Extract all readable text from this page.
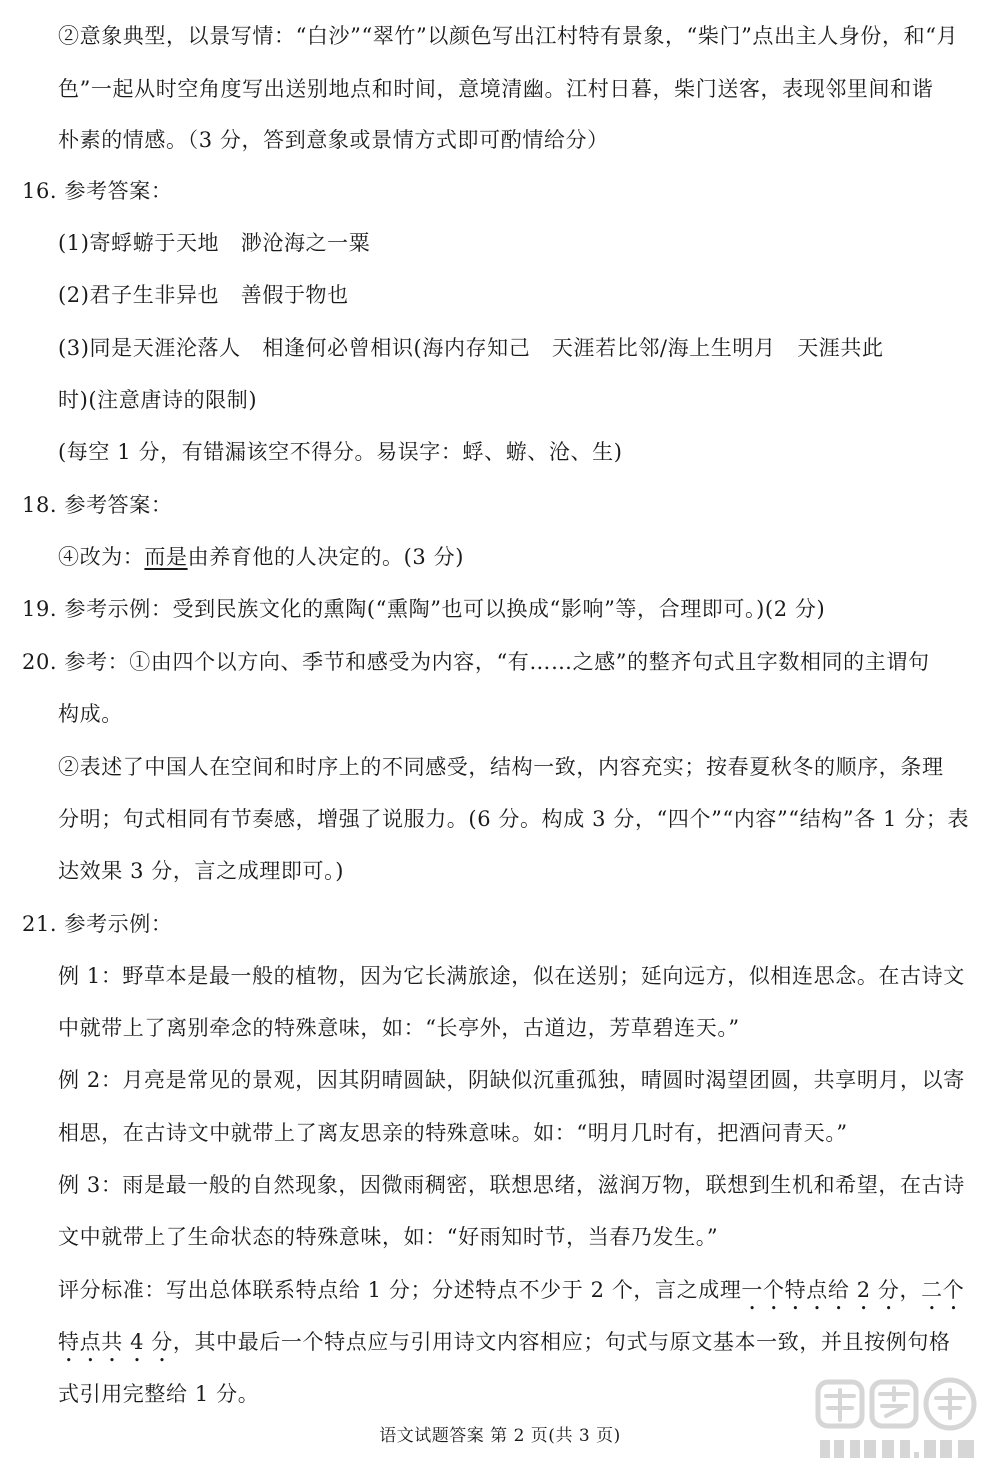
②意象典型，以景写情：“白沙”“翠竹”以颜色写出江村特有景象，“柴门”点出主人身份，和“月
色”一起从时空角度写出送别地点和时间，意境清幽。江村日暮，柴门送客，表现邻里间和谐
朴素的情感。（3 分，答到意象或景情方式即可酌情给分）
16. 参考答案：
(1)寄蜉蝣于天地　渺沧海之一粟
(2)君子生非异也　善假于物也
(3)同是天涯沦落人　相逢何必曾相识(海内存知己　天涯若比邻/海上生明月　天涯共此
时)(注意唐诗的限制)
(每空 1 分，有错漏该空不得分。易误字：蜉、蝣、沧、生)
18. 参考答案：
④改为：而是由养育他的人决定的。(3 分)
19. 参考示例：受到民族文化的熏陶(“熏陶”也可以换成“影响”等，合理即可。)(2 分)
20. 参考：①由四个以方向、季节和感受为内容，“有……之感”的整齐句式且字数相同的主谓句
构成。
②表述了中国人在空间和时序上的不同感受，结构一致，内容充实；按春夏秋冬的顺序，条理
分明；句式相同有节奏感，增强了说服力。(6 分。构成 3 分，“四个”“内容”“结构”各 1 分；表
达效果 3 分，言之成理即可。)
21. 参考示例：
例 1：野草本是最一般的植物，因为它长满旅途，似在送别；延向远方，似相连思念。在古诗文
中就带上了离别牵念的特殊意味，如：“长亭外，古道边，芳草碧连天。”
例 2：月亮是常见的景观，因其阴晴圆缺，阴缺似沉重孤独，晴圆时渴望团圆，共享明月，以寄
相思，在古诗文中就带上了离友思亲的特殊意味。如：“明月几时有，把酒问青天。”
例 3：雨是最一般的自然现象，因微雨稠密，联想思绪，滋润万物，联想到生机和希望，在古诗
文中就带上了生命状态的特殊意味，如：“好雨知时节，当春乃发生。”
评分标准：写出总体联系特点给 1 分；分述特点不少于 2 个，言之成理一个特点给 2 分，二个
特点共 4 分，其中最后一个特点应与引用诗文内容相应；句式与原文基本一致，并且按例句格
式引用完整给 1 分。
语文试题答案 第 2 页(共 3 页)
